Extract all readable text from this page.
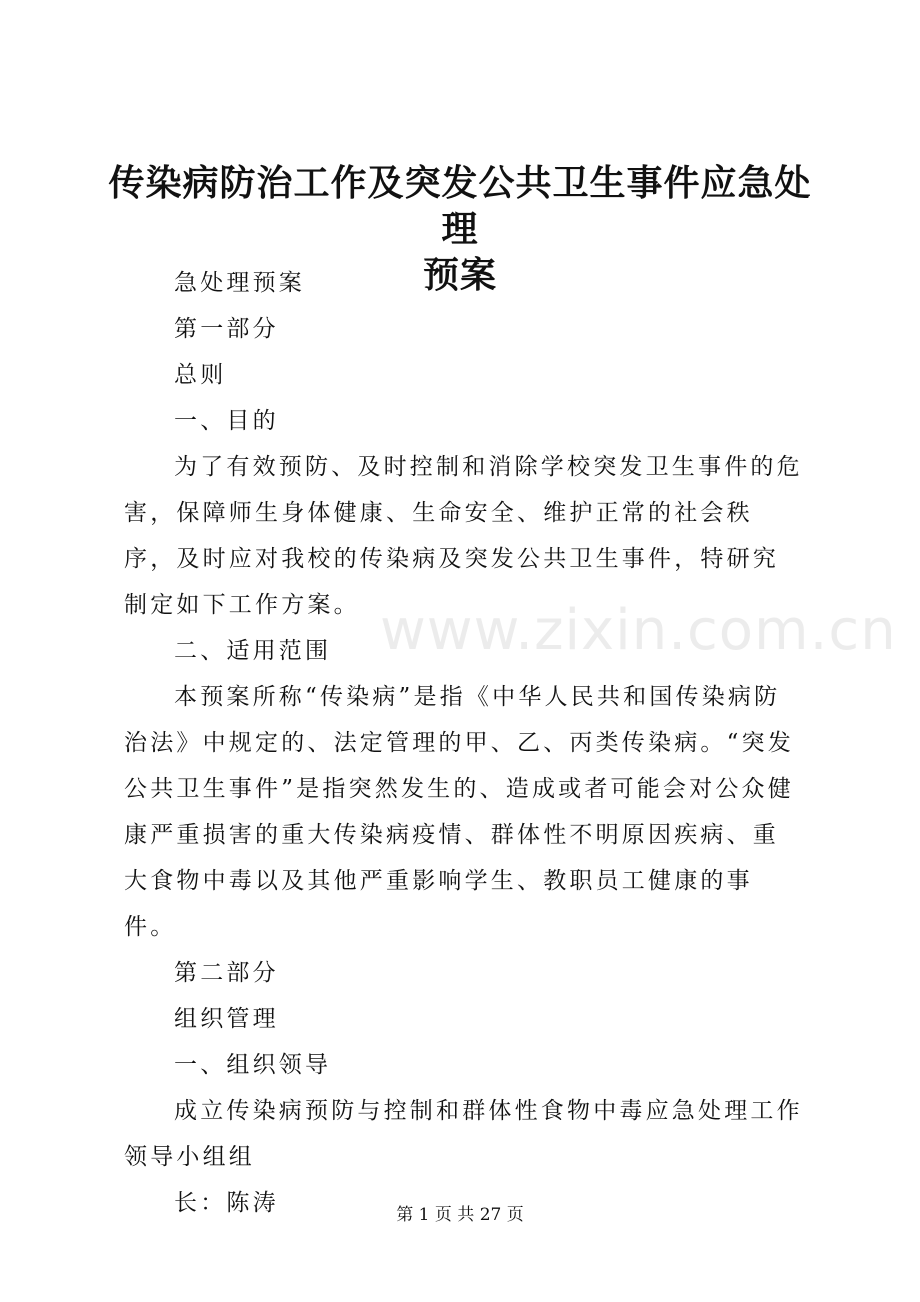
传染病防治工作及突发公共卫生事件应急处理
预案

急处理预案

第一部分

总则

一、目的

为了有效预防、及时控制和消除学校突发卫生事件的危害，保障师生身体健康、生命安全、维护正常的社会秩序，及时应对我校的传染病及突发公共卫生事件，特研究制定如下工作方案。

二、适用范围

本预案所称“传染病”是指《中华人民共和国传染病防治法》中规定的、法定管理的甲、乙、丙类传染病。“突发公共卫生事件”是指突然发生的、造成或者可能会对公众健康严重损害的重大传染病疫情、群体性不明原因疾病、重大食物中毒以及其他严重影响学生、教职员工健康的事件。

第二部分

组织管理

一、组织领导

成立传染病预防与控制和群体性食物中毒应急处理工作领导小组组

长：陈涛

www.zixin.com.cn
第 1 页 共 27 页
